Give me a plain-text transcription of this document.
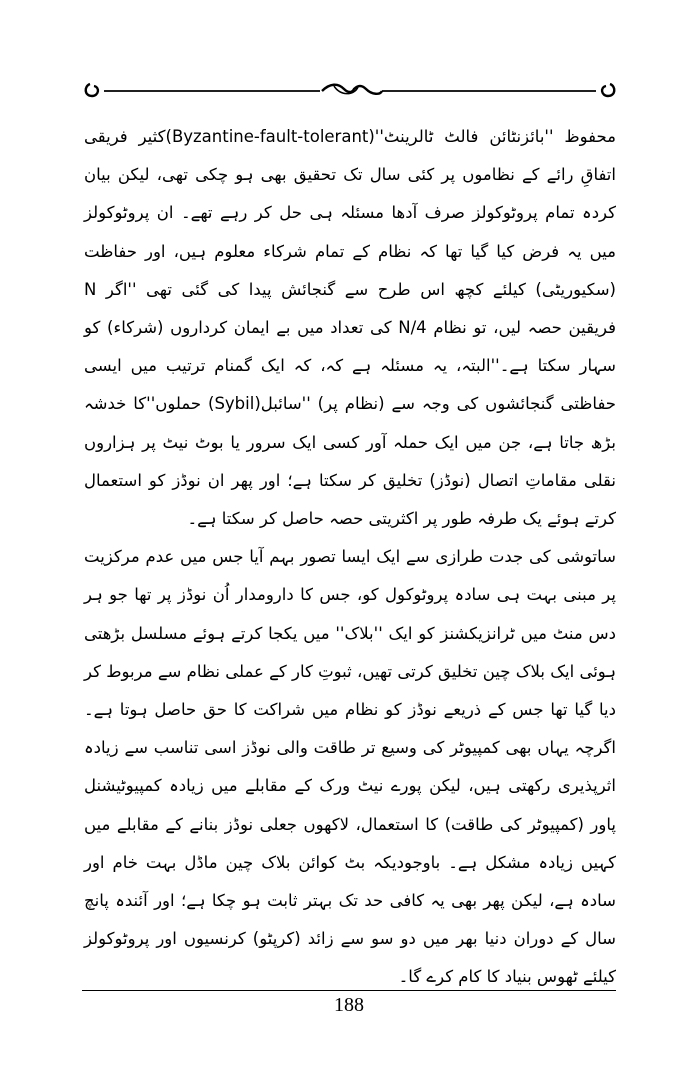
محفوظ ''بائزنٹائن فالٹ ٹالرینٹ''(Byzantine-fault-tolerant)کثیر فریقی اتفاقِ رائے کے نظاموں پر کئی سال تک تحقیق بھی ہو چکی تھی، لیکن بیان کردہ تمام پروٹوکولز صرف آدھا مسئلہ ہی حل کر رہے تھے۔ ان پروٹوکولز میں یہ فرض کیا گیا تھا کہ نظام کے تمام شرکاء معلوم ہیں، اور حفاظت (سکیوریٹی) کیلئے کچھ اس طرح سے گنجائش پیدا کی گئی تھی ''اگر N فریقین حصہ لیں، تو نظام N/4 کی تعداد میں بے ایمان کرداروں (شرکاء) کو سہار سکتا ہے۔''البتہ، یہ مسئلہ ہے کہ، کہ ایک گمنام ترتیب میں ایسی حفاظتی گنجائشوں کی وجہ سے (نظام پر) ''سائبل(Sybil) حملوں''کا خدشہ بڑھ جاتا ہے، جن میں ایک حملہ آور کسی ایک سرور یا بوٹ نیٹ پر ہزاروں نقلی مقاماتِ اتصال (نوڈز) تخلیق کر سکتا ہے؛ اور پھر ان نوڈز کو استعمال کرتے ہوئے یک طرفہ طور پر اکثریتی حصہ حاصل کر سکتا ہے۔

ساتوشی کی جدت طرازی سے ایک ایسا تصور بہم آیا جس میں عدم مرکزیت پر مبنی بہت ہی سادہ پروٹوکول کو، جس کا دارومدار اُن نوڈز پر تھا جو ہر دس منٹ میں ٹرانزیکشنز کو ایک ''بلاک'' میں یکجا کرتے ہوئے مسلسل بڑھتی ہوئی ایک بلاک چین تخلیق کرتی تھیں، ثبوتِ کار کے عملی نظام سے مربوط کر دیا گیا تھا جس کے ذریعے نوڈز کو نظام میں شراکت کا حق حاصل ہوتا ہے۔ اگرچہ یہاں بھی کمپیوٹر کی وسیع تر طاقت والی نوڈز اسی تناسب سے زیادہ اثرپذیری رکھتی ہیں، لیکن پورے نیٹ ورک کے مقابلے میں زیادہ کمپیوٹیشنل پاور (کمپیوٹر کی طاقت) کا استعمال، لاکھوں جعلی نوڈز بنانے کے مقابلے میں کہیں زیادہ مشکل ہے۔ باوجودیکہ بٹ کوائن بلاک چین ماڈل بہت خام اور سادہ ہے، لیکن پھر بھی یہ کافی حد تک بہتر ثابت ہو چکا ہے؛ اور آئندہ پانچ سال کے دوران دنیا بھر میں دو سو سے زائد (کرپٹو) کرنسیوں اور پروٹوکولز کیلئے ٹھوس بنیاد کا کام کرے گا۔

188
